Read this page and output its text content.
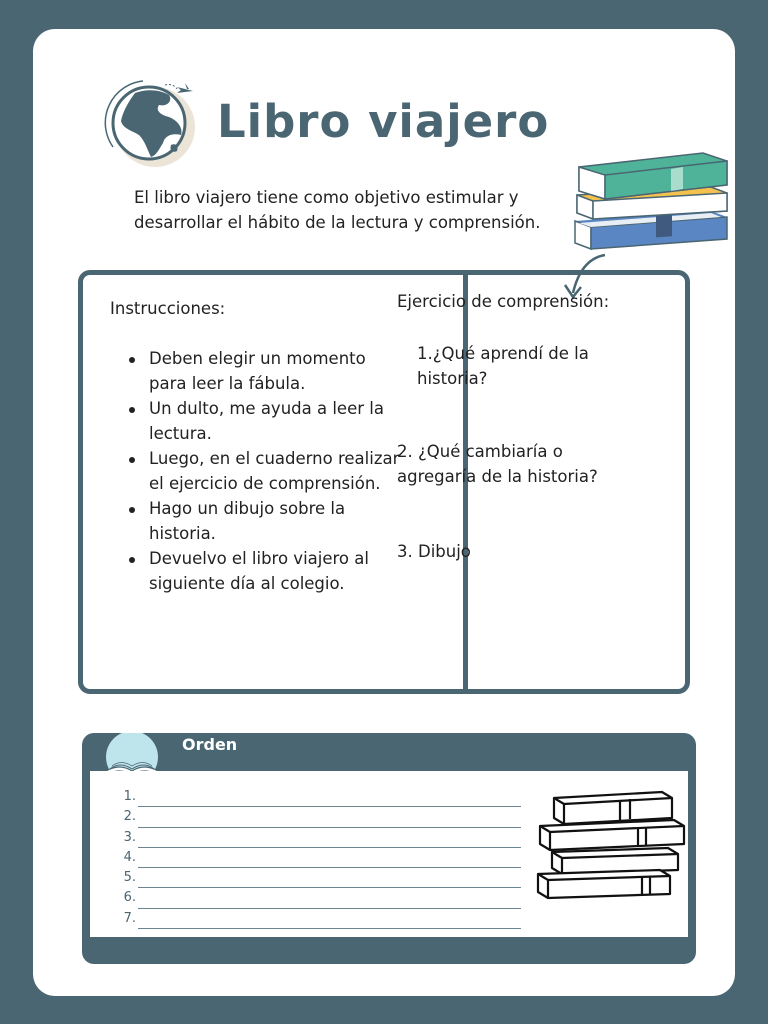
Libro viajero
El libro viajero tiene como objetivo estimular y desarrollar el hábito de la lectura y comprensión.
Instrucciones:
Deben elegir un momento para leer la fábula.
Un dulto, me ayuda a leer la lectura.
Luego, en el cuaderno realizar el ejercicio de comprensión.
Hago un dibujo sobre la historia.
Devuelvo el libro viajero al siguiente día al colegio.
Ejercicio de comprensión:
1.¿Qué aprendí de la historia?
2. ¿Qué cambiaría o agregaría de la historia?
3. Dibujo
Orden
1.
2.
3.
4.
5.
6.
7.
